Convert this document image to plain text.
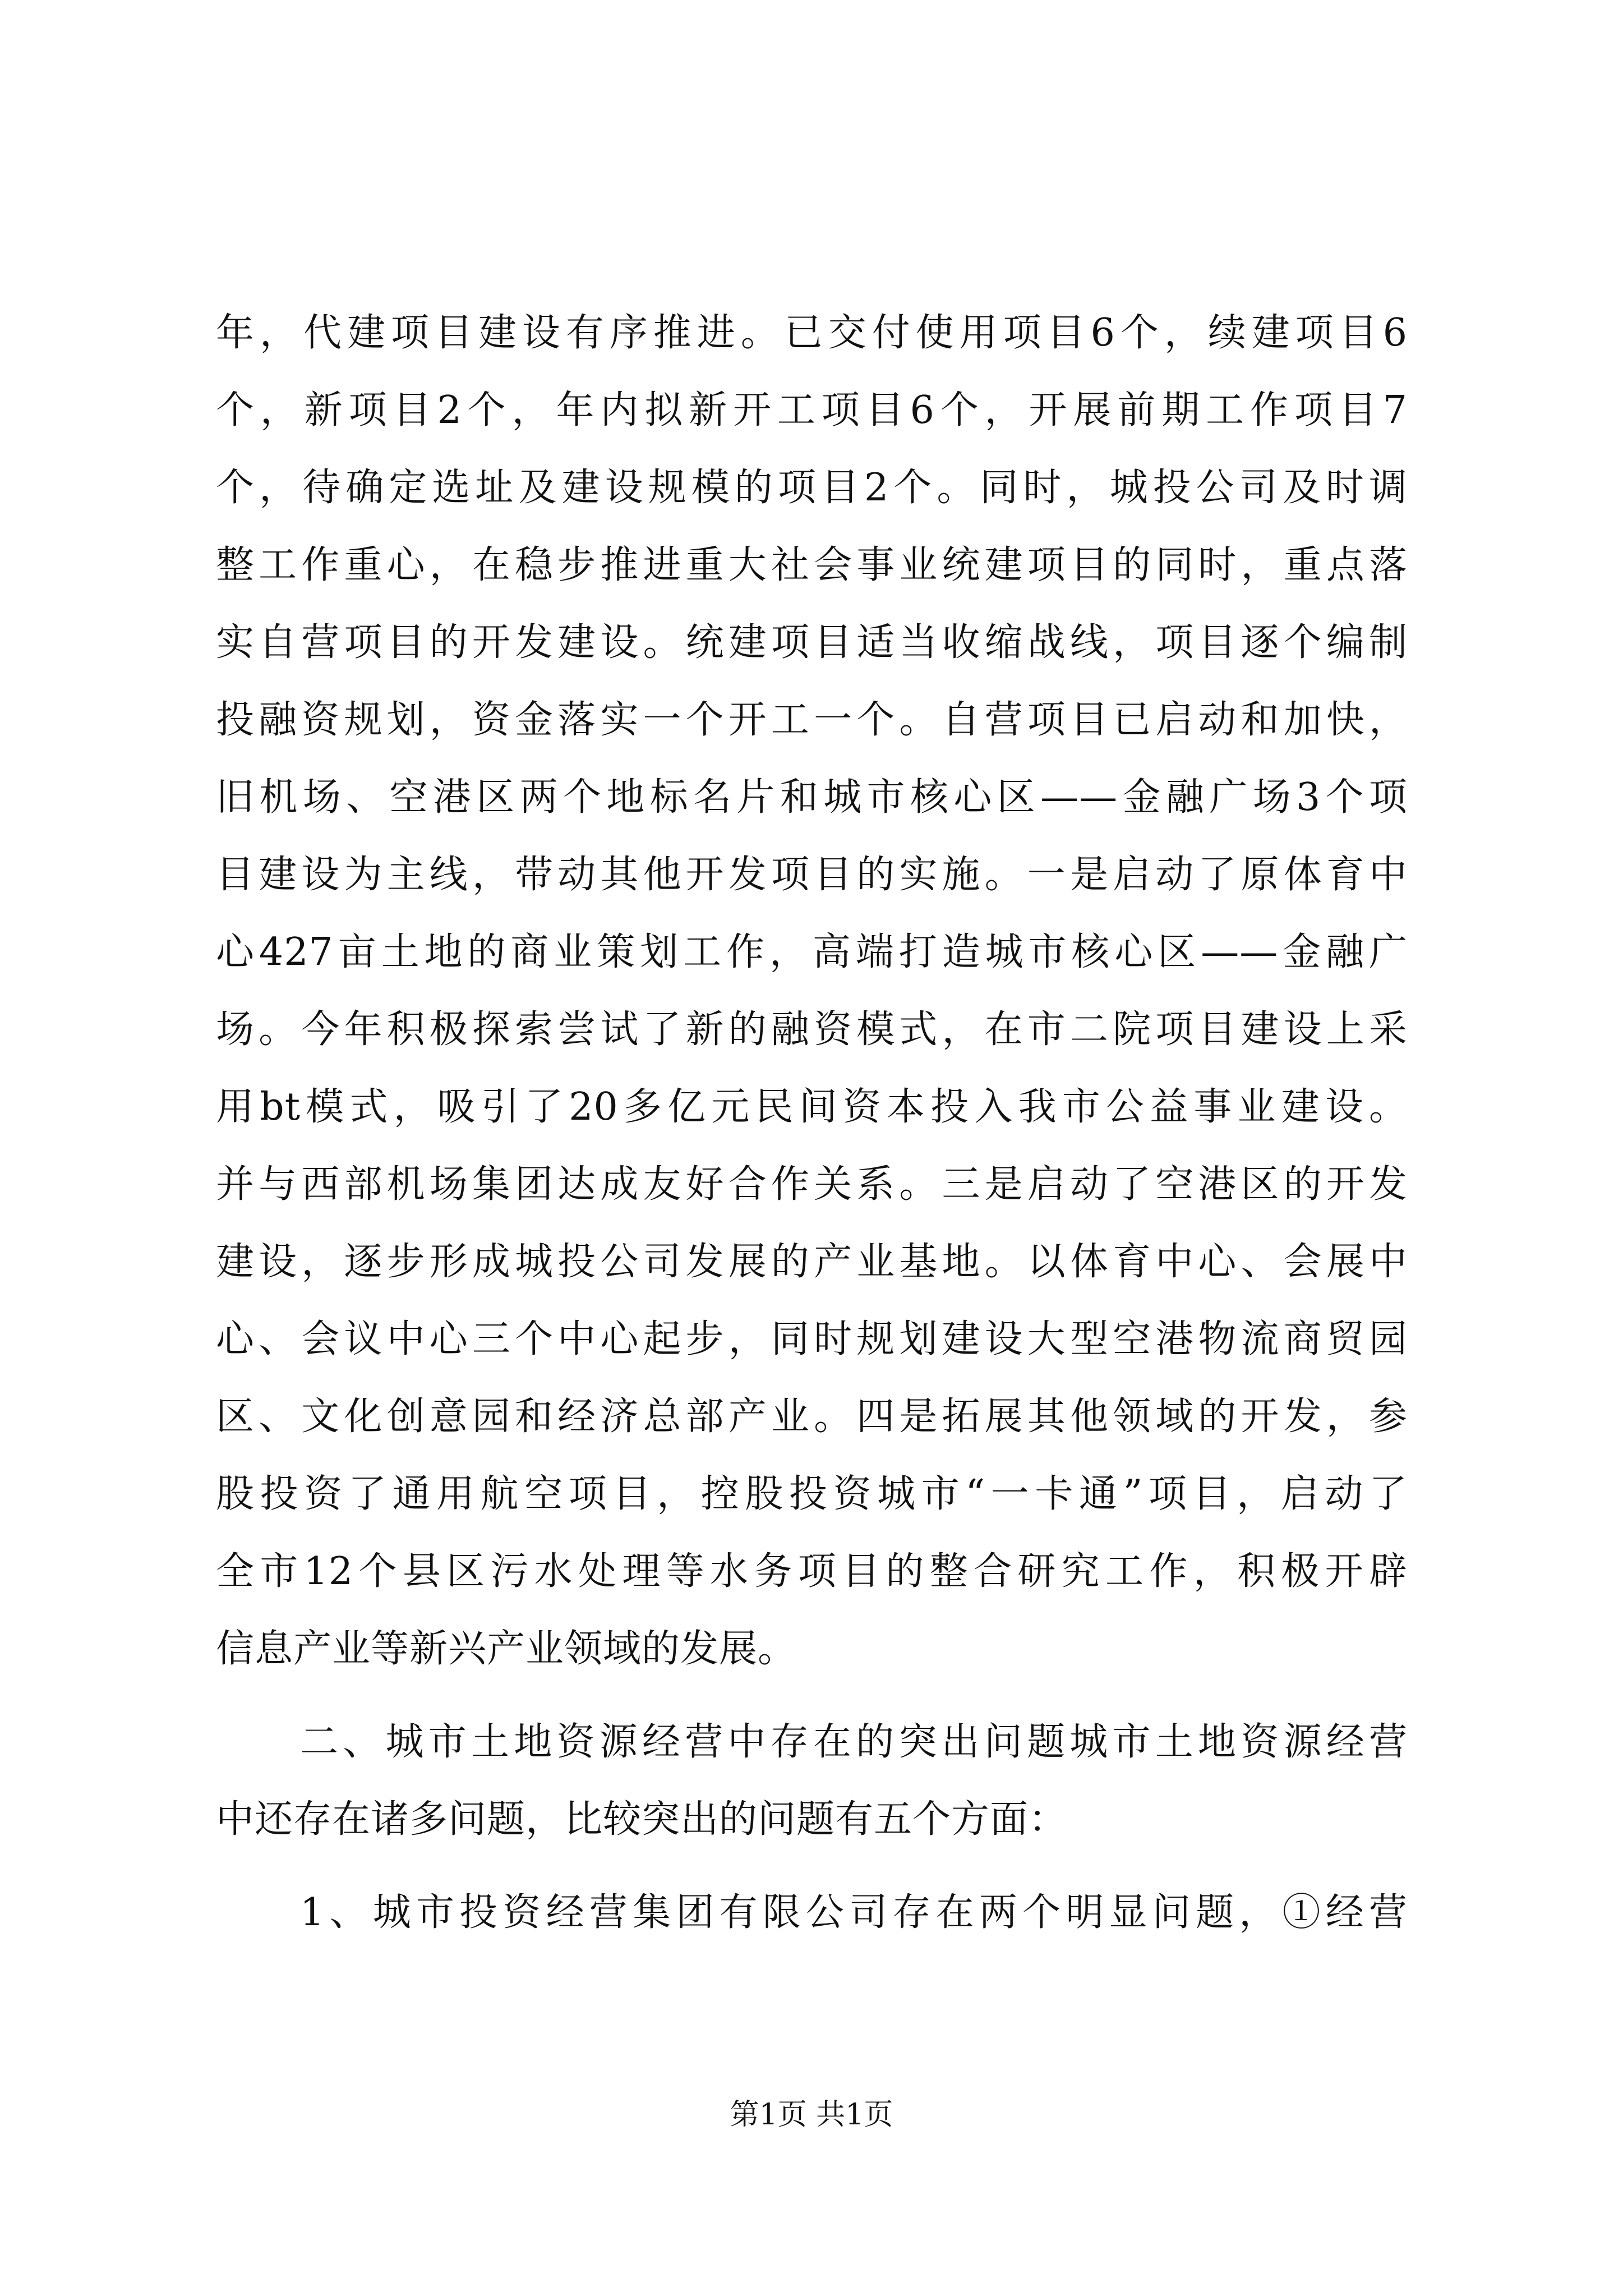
年，代建项目建设有序推进。已交付使用项目6个，续建项目6
个，新项目2个，年内拟新开工项目6个，开展前期工作项目7
个，待确定选址及建设规模的项目2个。同时，城投公司及时调
整工作重心，在稳步推进重大社会事业统建项目的同时，重点落
实自营项目的开发建设。统建项目适当收缩战线，项目逐个编制
投融资规划，资金落实一个开工一个。自营项目已启动和加快，
旧机场、空港区两个地标名片和城市核心区——金融广场3个项
目建设为主线，带动其他开发项目的实施。一是启动了原体育中
心427亩土地的商业策划工作，高端打造城市核心区——金融广
场。今年积极探索尝试了新的融资模式，在市二院项目建设上采
用bt模式，吸引了20多亿元民间资本投入我市公益事业建设。
并与西部机场集团达成友好合作关系。三是启动了空港区的开发
建设，逐步形成城投公司发展的产业基地。以体育中心、会展中
心、会议中心三个中心起步，同时规划建设大型空港物流商贸园
区、文化创意园和经济总部产业。四是拓展其他领域的开发，参
股投资了通用航空项目，控股投资城市“一卡通”项目，启动了
全市12个县区污水处理等水务项目的整合研究工作，积极开辟
信息产业等新兴产业领域的发展。
二、城市土地资源经营中存在的突出问题城市土地资源经营
中还存在诸多问题，比较突出的问题有五个方面：
1、城市投资经营集团有限公司存在两个明显问题，①经营
第1页 共1页
